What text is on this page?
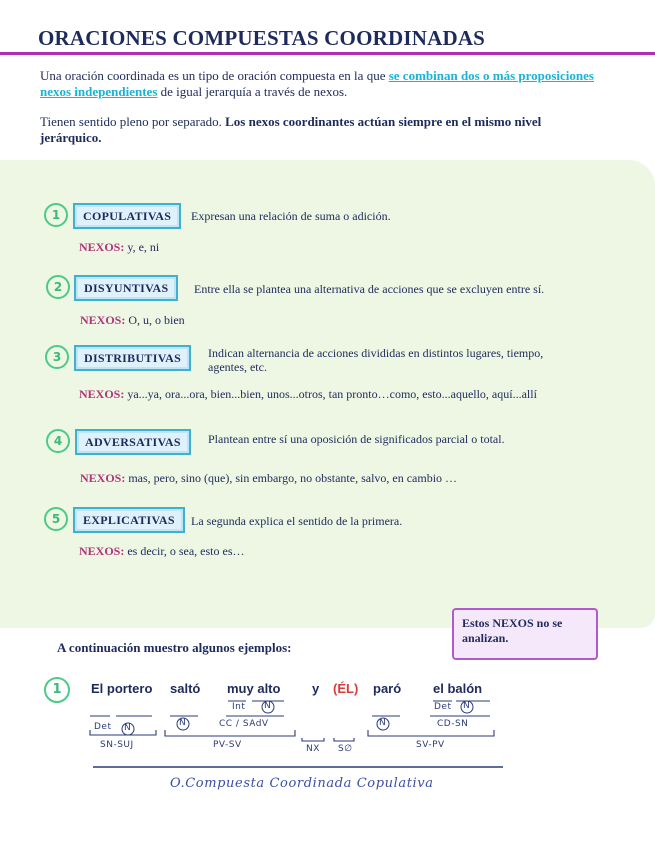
ORACIONES COMPUESTAS COORDINADAS
Una oración coordinada es un tipo de oración compuesta en la que se combinan dos o más proposiciones nexos independientes de igual jerarquía a través de nexos.
Tienen sentido pleno por separado. Los nexos coordinantes actúan siempre en el mismo nivel jerárquico.
1	COPULATIVAS	Expresan una relación de suma o adición.
NEXOS: y, e, ni
2	DISYUNTIVAS	Entre ella se plantea una alternativa de acciones que se excluyen entre sí.
NEXOS: O, u, o bien
3	DISTRIBUTIVAS	Indican alternancia de acciones divididas en distintos lugares, tiempo, agentes, etc.
NEXOS: ya...ya, ora...ora, bien...bien, unos...otros, tan pronto…como, esto...aquello, aquí...allí
4	ADVERSATIVAS	Plantean entre sí una oposición de significados parcial o total.
NEXOS: mas, pero, sino (que), sin embargo, no obstante, salvo, en cambio …
5	EXPLICATIVAS	La segunda explica el sentido de la primera.
NEXOS: es decir, o sea, esto es…
Estos NEXOS no se analizan.
A continuación muestro algunos ejemplos:
1	El portero saltó muy alto y (ÉL) paró el balón
Det N	N
Int N
CC / SAdV	N
Det N
CD-SN
SN-SUJ	PV-SV	NX S∅	SV-PV
O.Compuesta Coordinada Copulativa
